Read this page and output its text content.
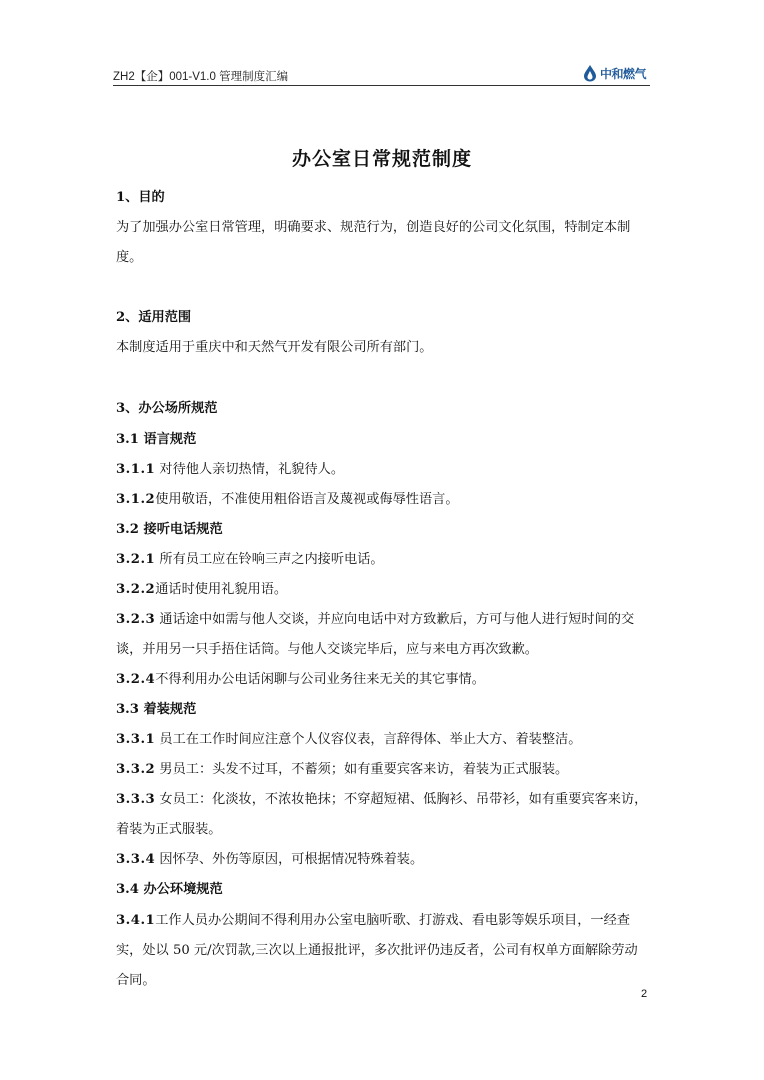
ZH2【企】001-V1.0 管理制度汇编	中和燃气
办公室日常规范制度
1、目的
为了加强办公室日常管理，明确要求、规范行为，创造良好的公司文化氛围，特制定本制
度。
2、适用范围
本制度适用于重庆中和天然气开发有限公司所有部门。
3、办公场所规范
3.1 语言规范
3.1.1 对待他人亲切热情，礼貌待人。
3.1.2使用敬语，不准使用粗俗语言及蔑视或侮辱性语言。
3.2 接听电话规范
3.2.1 所有员工应在铃响三声之内接听电话。
3.2.2通话时使用礼貌用语。
3.2.3 通话途中如需与他人交谈，并应向电话中对方致歉后，方可与他人进行短时间的交
谈，并用另一只手捂住话筒。与他人交谈完毕后，应与来电方再次致歉。
3.2.4不得利用办公电话闲聊与公司业务往来无关的其它事情。
3.3 着装规范
3.3.1 员工在工作时间应注意个人仪容仪表，言辞得体、举止大方、着装整洁。
3.3.2 男员工：头发不过耳，不蓄须；如有重要宾客来访，着装为正式服装。
3.3.3 女员工：化淡妆，不浓妆艳抹；不穿超短裙、低胸衫、吊带衫，如有重要宾客来访，
着装为正式服装。
3.3.4 因怀孕、外伤等原因，可根据情况特殊着装。
3.4 办公环境规范
3.4.1工作人员办公期间不得利用办公室电脑听歌、打游戏、看电影等娱乐项目，一经查
实，处以 50 元/次罚款,三次以上通报批评，多次批评仍违反者，公司有权单方面解除劳动
合同。
2
